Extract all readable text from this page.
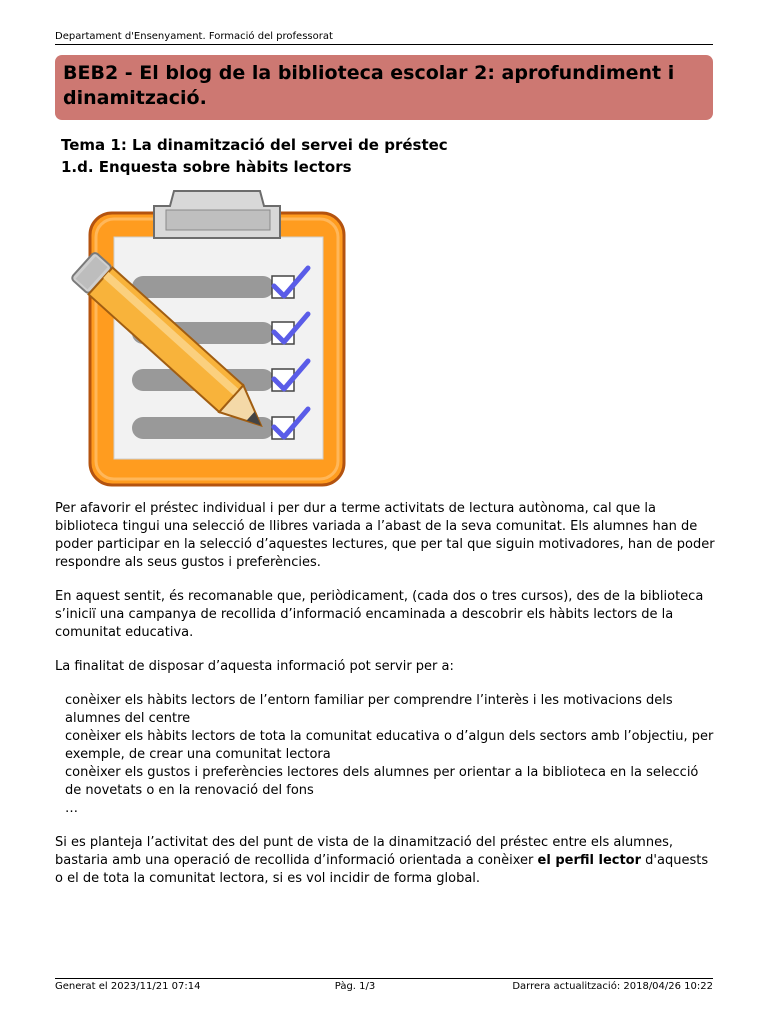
Departament d'Ensenyament. Formació del professorat
BEB2 - El blog de la biblioteca escolar 2: aprofundiment i dinamització.
Tema 1: La dinamització del servei de préstec
1.d. Enquesta sobre hàbits lectors

Per afavorir el préstec individual i per dur a terme activitats de lectura autònoma, cal que la biblioteca tingui una selecció de llibres variada a l’abast de la seva comunitat. Els alumnes han de poder participar en la selecció d’aquestes lectures, que per tal que siguin motivadores, han de poder respondre als seus gustos i preferències.

En aquest sentit, és recomanable que, periòdicament, (cada dos o tres cursos), des de la biblioteca s’iniciï una campanya de recollida d’informació encaminada a descobrir els hàbits lectors de la comunitat educativa.

La finalitat de disposar d’aquesta informació pot servir per a:

conèixer els hàbits lectors de l’entorn familiar per comprendre l’interès i les motivacions dels alumnes del centre
conèixer els hàbits lectors de tota la comunitat educativa o d’algun dels sectors amb l’objectiu, per exemple, de crear una comunitat lectora
conèixer els gustos i preferències lectores dels alumnes per orientar a la biblioteca en la selecció de novetats o en la renovació del fons
…

Si es planteja l’activitat des del punt de vista de la dinamització del préstec entre els alumnes, bastaria amb una operació de recollida d’informació orientada a conèixer el perfil lector d'aquests o el de tota la comunitat lectora, si es vol incidir de forma global.

Generat el 2023/11/21 07:14	Pàg. 1/3	Darrera actualització: 2018/04/26 10:22
